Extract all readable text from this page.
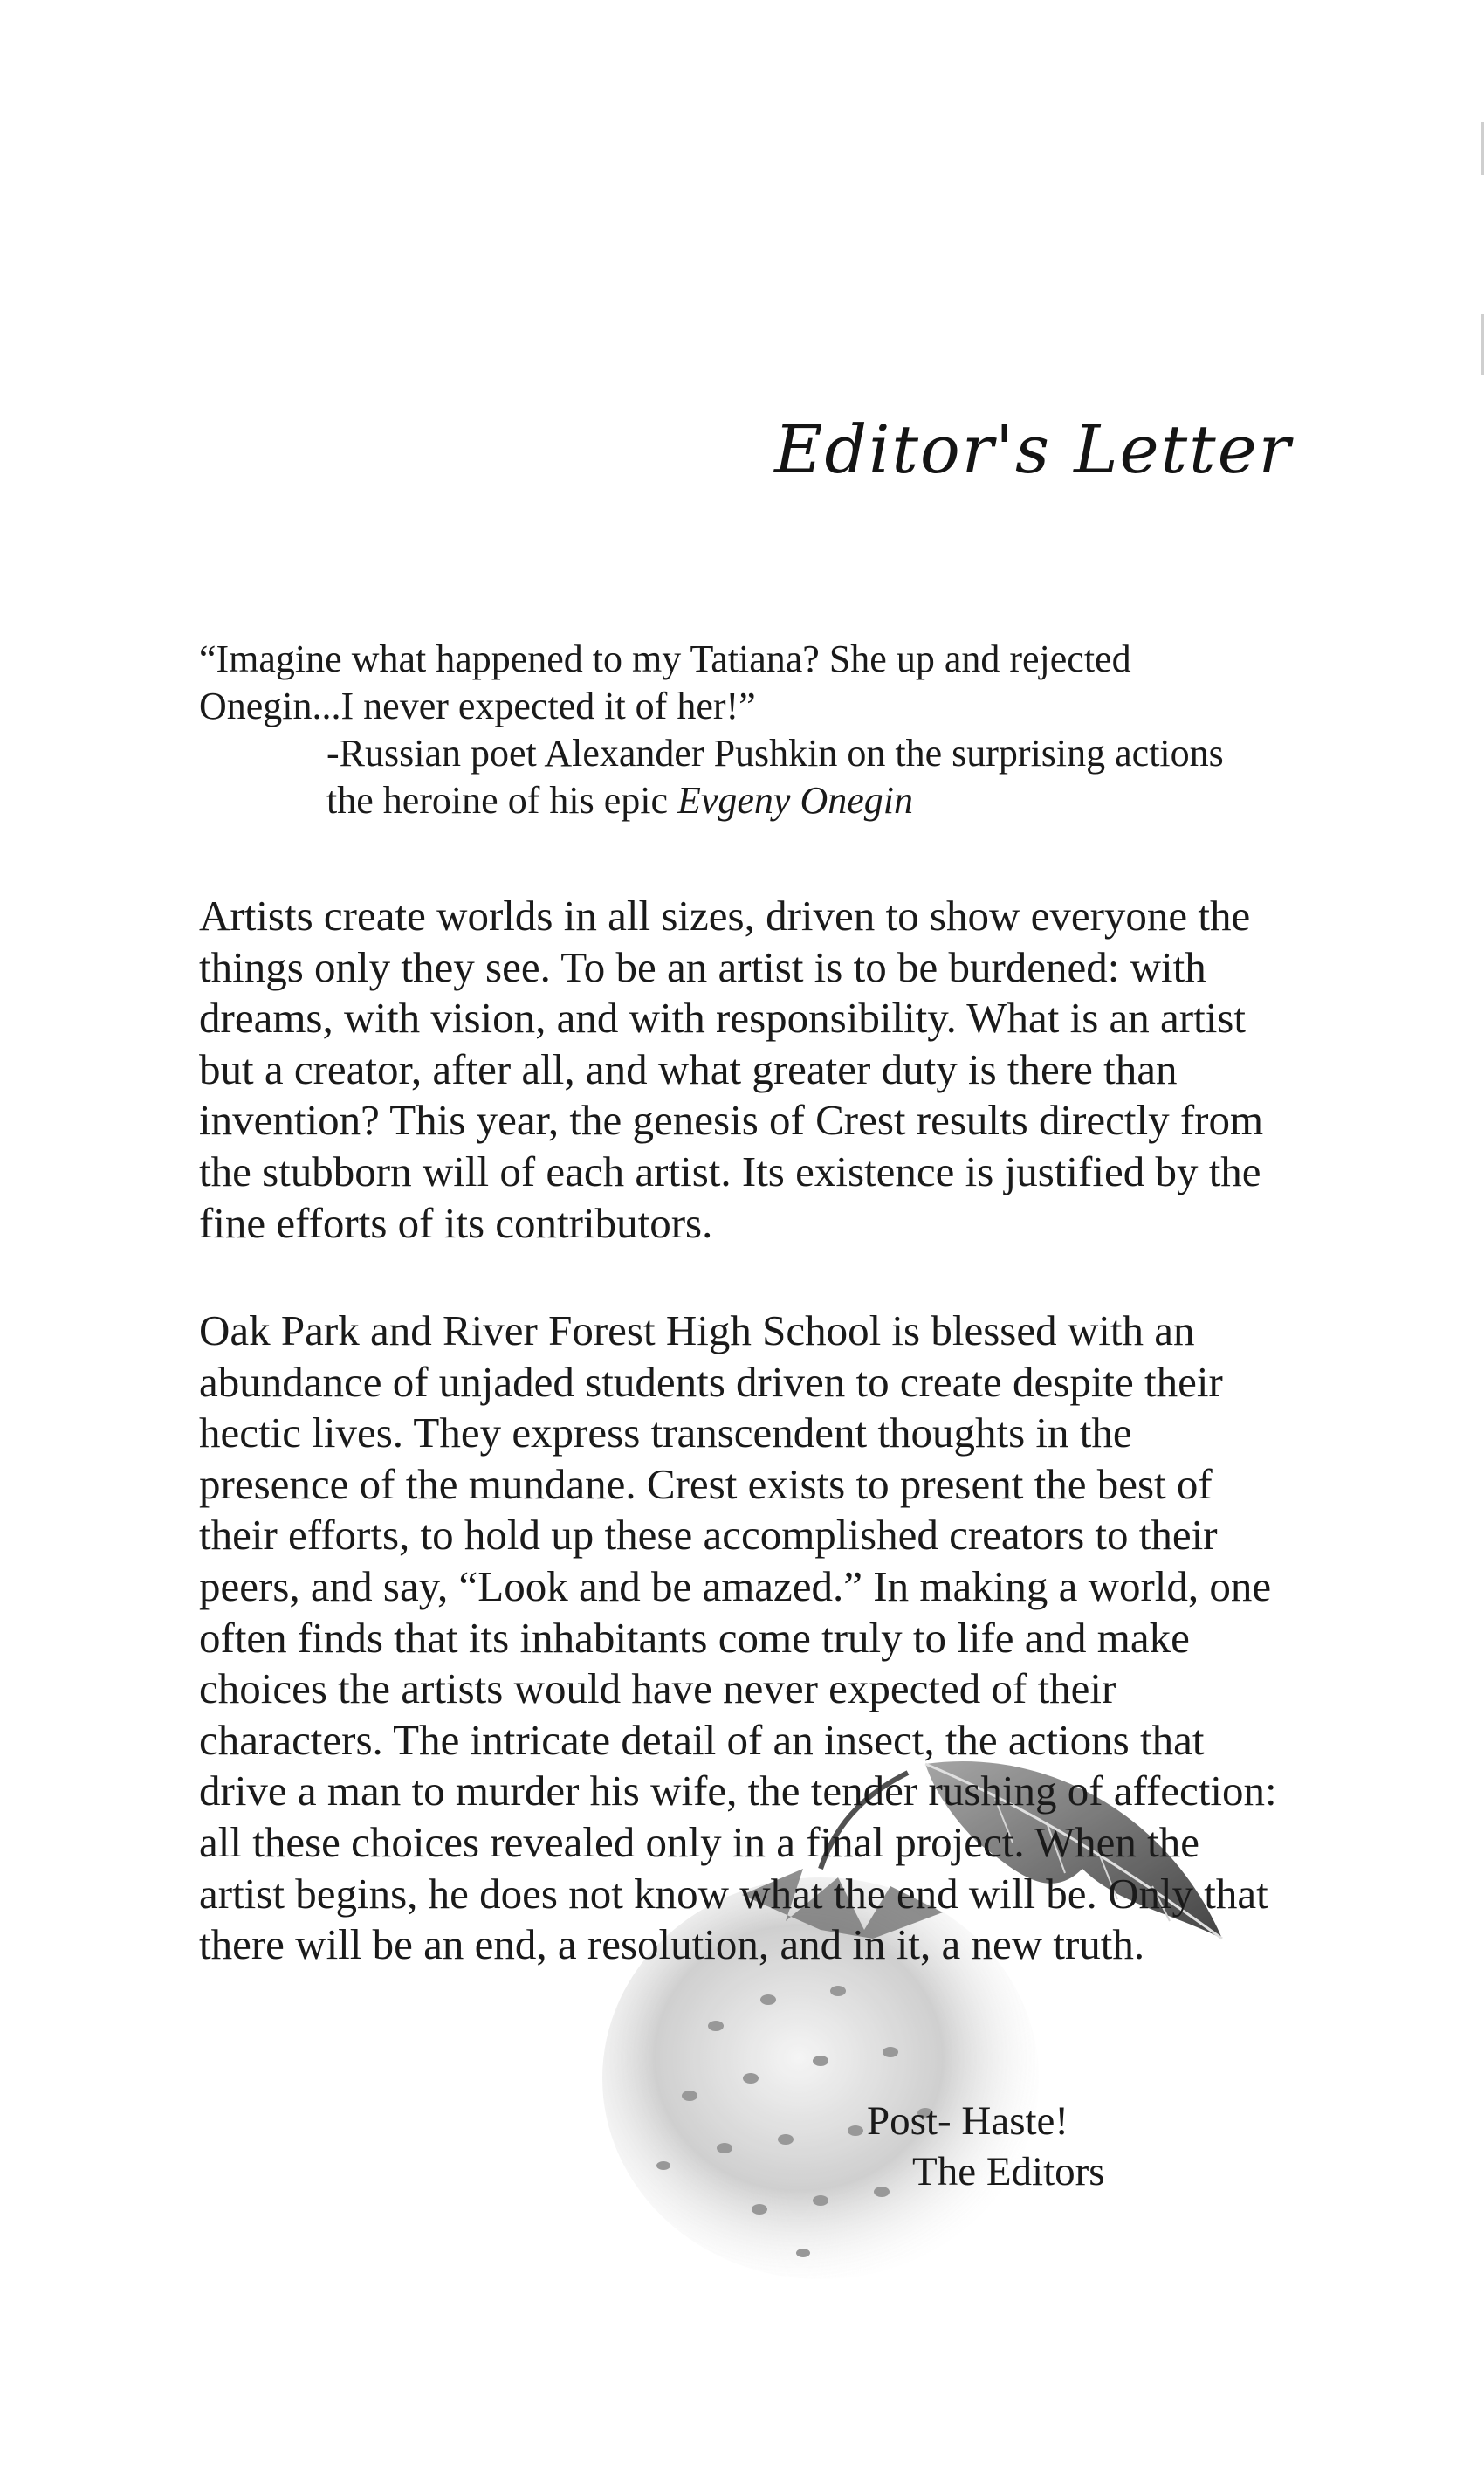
Editor's Letter
“Imagine what happened to my Tatiana? She up and rejected Onegin...I never expected it of her!”
-Russian poet Alexander Pushkin on the surprising actions the heroine of his epic Evgeny Onegin

Artists create worlds in all sizes, driven to show everyone the things only they see. To be an artist is to be burdened: with dreams, with vision, and with responsibility. What is an artist but a creator, after all, and what greater duty is there than invention? This year, the genesis of Crest results directly from the stubborn will of each artist. Its existence is justified by the fine efforts of its contributors.

Oak Park and River Forest High School is blessed with an abundance of unjaded students driven to create despite their hectic lives. They express transcendent thoughts in the presence of the mundane. Crest exists to present the best of their efforts, to hold up these accomplished creators to their peers, and say, “Look and be amazed.” In making a world, one often finds that its inhabitants come truly to life and make choices the artists would have never expected of their characters. The intricate detail of an insect, the actions that drive a man to murder his wife, the tender rushing of affection: all these choices revealed only in a final project. When the artist begins, he does not know what the end will be. Only that there will be an end, a resolution, and in it, a new truth.

Post- Haste!
The Editors
